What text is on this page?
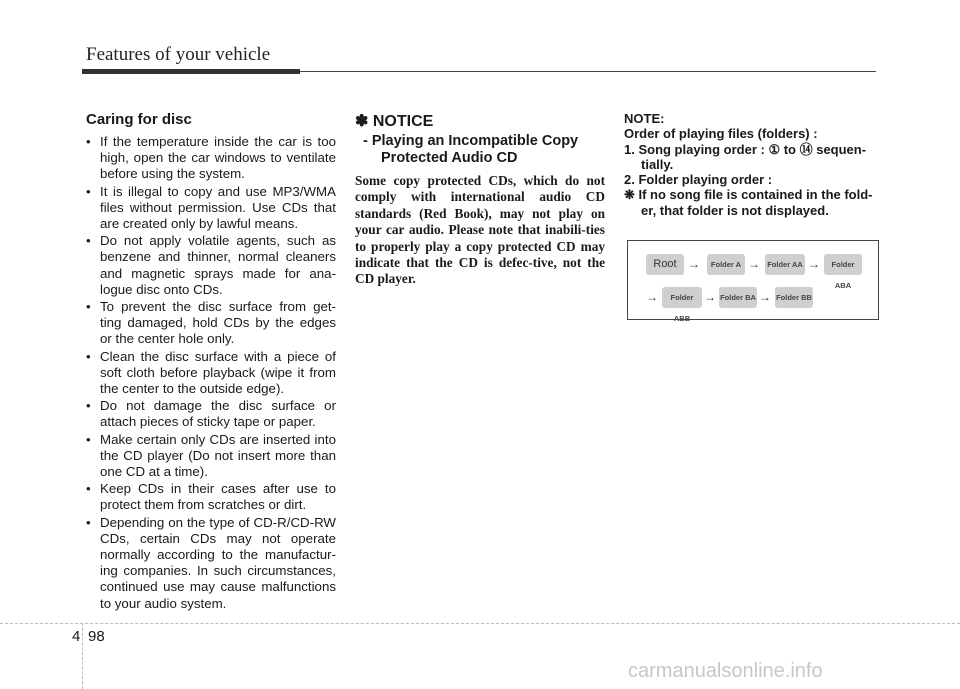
Features of your vehicle
Caring for disc
• If the temperature inside the car is too high, open the car windows to ventilate before using the system.
• It is illegal to copy and use MP3/WMA files without permission. Use CDs that are created only by lawful means.
• Do not apply volatile agents, such as benzene and thinner, normal cleaners and magnetic sprays made for ana-logue disc onto CDs.
• To prevent the disc surface from get-ting damaged, hold CDs by the edges or the center hole only.
• Clean the disc surface with a piece of soft cloth before playback (wipe it from the center to the outside edge).
• Do not damage the disc surface or attach pieces of sticky tape or paper.
• Make certain only CDs are inserted into the CD player (Do not insert more than one CD at a time).
• Keep CDs in their cases after use to protect them from scratches or dirt.
• Depending on the type of CD-R/CD-RW CDs, certain CDs may not operate normally according to the manufactur-ing companies. In such circumstances, continued use may cause malfunctions to your audio system.
✽ NOTICE
- Playing an Incompatible Copy Protected Audio CD

Some copy protected CDs, which do not comply with international audio CD standards (Red Book), may not play on your car audio. Please note that inabili-ties to properly play a copy protected CD may indicate that the CD is defec-tive, not the CD player.

NOTE:

Order of playing files (folders) :

1. Song playing order : ① to ⑭ sequen-tially.

2. Folder playing order :

❋ If no song file is contained in the fold-er, that folder is not displayed.

Root →	Folder A → Folder AA →	Folder ABA
→	Folder ABB
→ Folder BA → Folder BB
4 98
carmanualsonline.info
